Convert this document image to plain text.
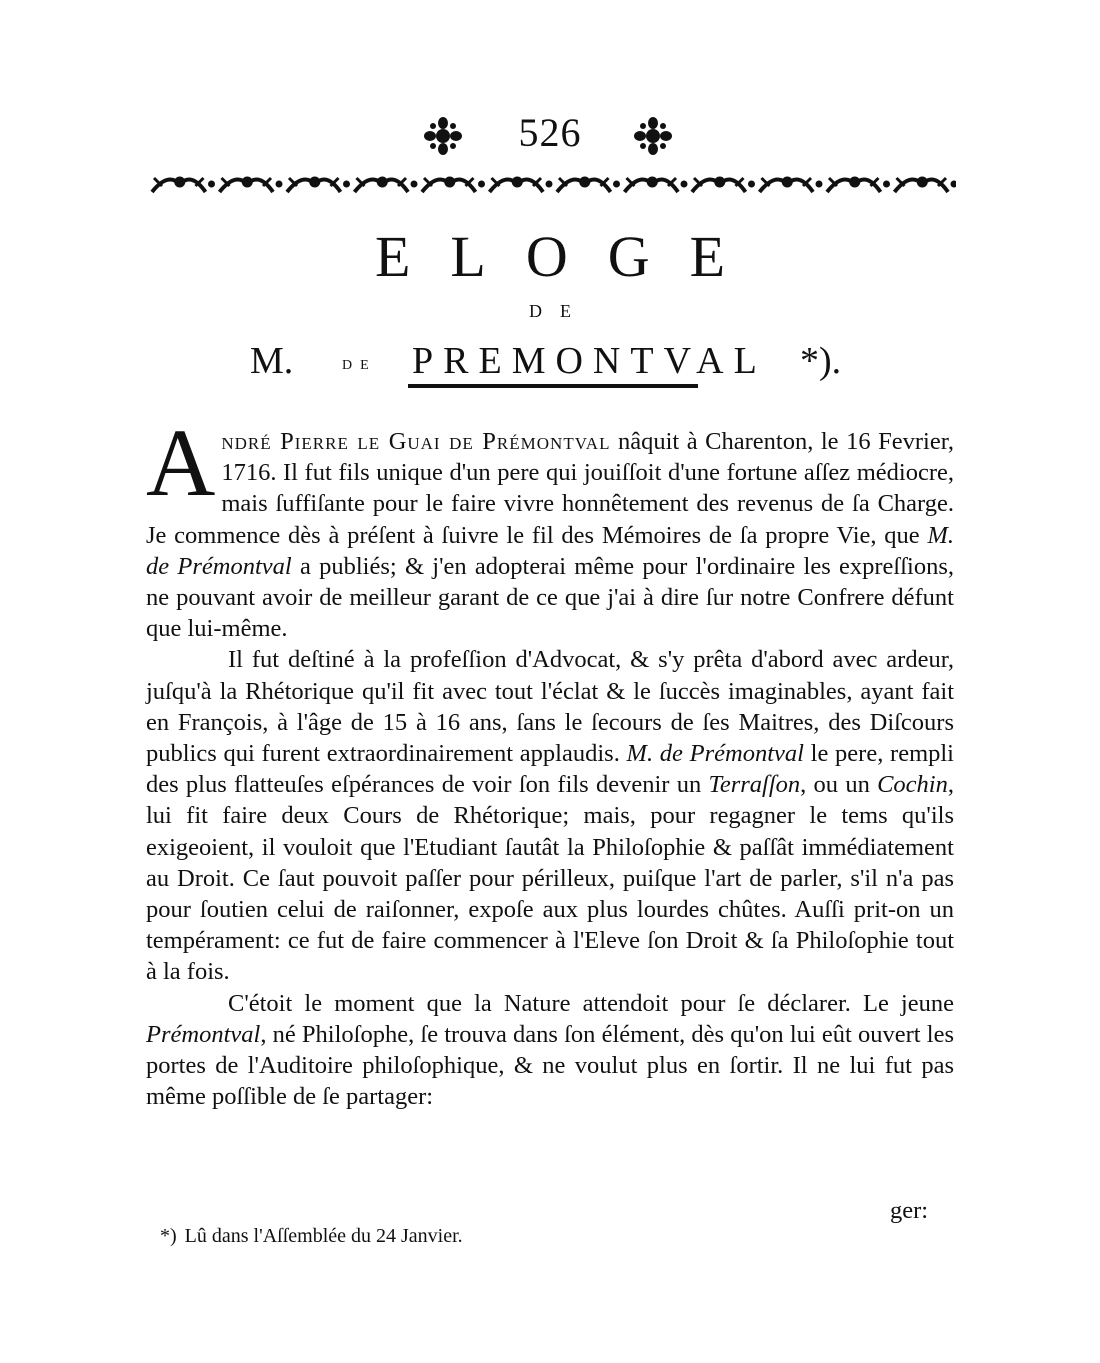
526
ELOGE
DE
M. de PREMONTVAL *).

André Pierre le Guai de Prémontval nâquit à Charenton, le 16 Fevrier, 1716. Il fut fils unique d'un pere qui jouiſſoit d'une fortune aſſez médiocre, mais ſuffiſante pour le faire vivre honnêtement des revenus de ſa Charge. Je commence dès à préſent à ſuivre le fil des Mémoires de ſa propre Vie, que M. de Prémontval a publiés; & j'en adopterai même pour l'ordinaire les expreſſions, ne pouvant avoir de meilleur garant de ce que j'ai à dire ſur notre Confrere défunt que lui-même.

Il fut deſtiné à la profeſſion d'Advocat, & s'y prêta d'abord avec ardeur, juſqu'à la Rhétorique qu'il fit avec tout l'éclat & le ſuccès imaginables, ayant fait en François, à l'âge de 15 à 16 ans, ſans le ſecours de ſes Maitres, des Diſcours publics qui furent extraordinairement applaudis. M. de Prémontval le pere, rempli des plus flatteuſes eſpérances de voir ſon fils devenir un Terraſſon, ou un Cochin, lui fit faire deux Cours de Rhétorique; mais, pour regagner le tems qu'ils exigeoient, il vouloit que l'Etudiant ſautât la Philoſophie & paſſât immédiatement au Droit. Ce ſaut pouvoit paſſer pour périlleux, puiſque l'art de parler, s'il n'a pas pour ſoutien celui de raiſonner, expoſe aux plus lourdes chûtes. Auſſi prit-on un tempérament: ce fut de faire commencer à l'Eleve ſon Droit & ſa Philoſophie tout à la fois.

C'étoit le moment que la Nature attendoit pour ſe déclarer. Le jeune Prémontval, né Philoſophe, ſe trouva dans ſon élément, dès qu'on lui eût ouvert les portes de l'Auditoire philoſophique, & ne voulut plus en ſortir. Il ne lui fut pas même poſſible de ſe partager:

ger:
*) Lû dans l'Aſſemblée du 24 Janvier.
